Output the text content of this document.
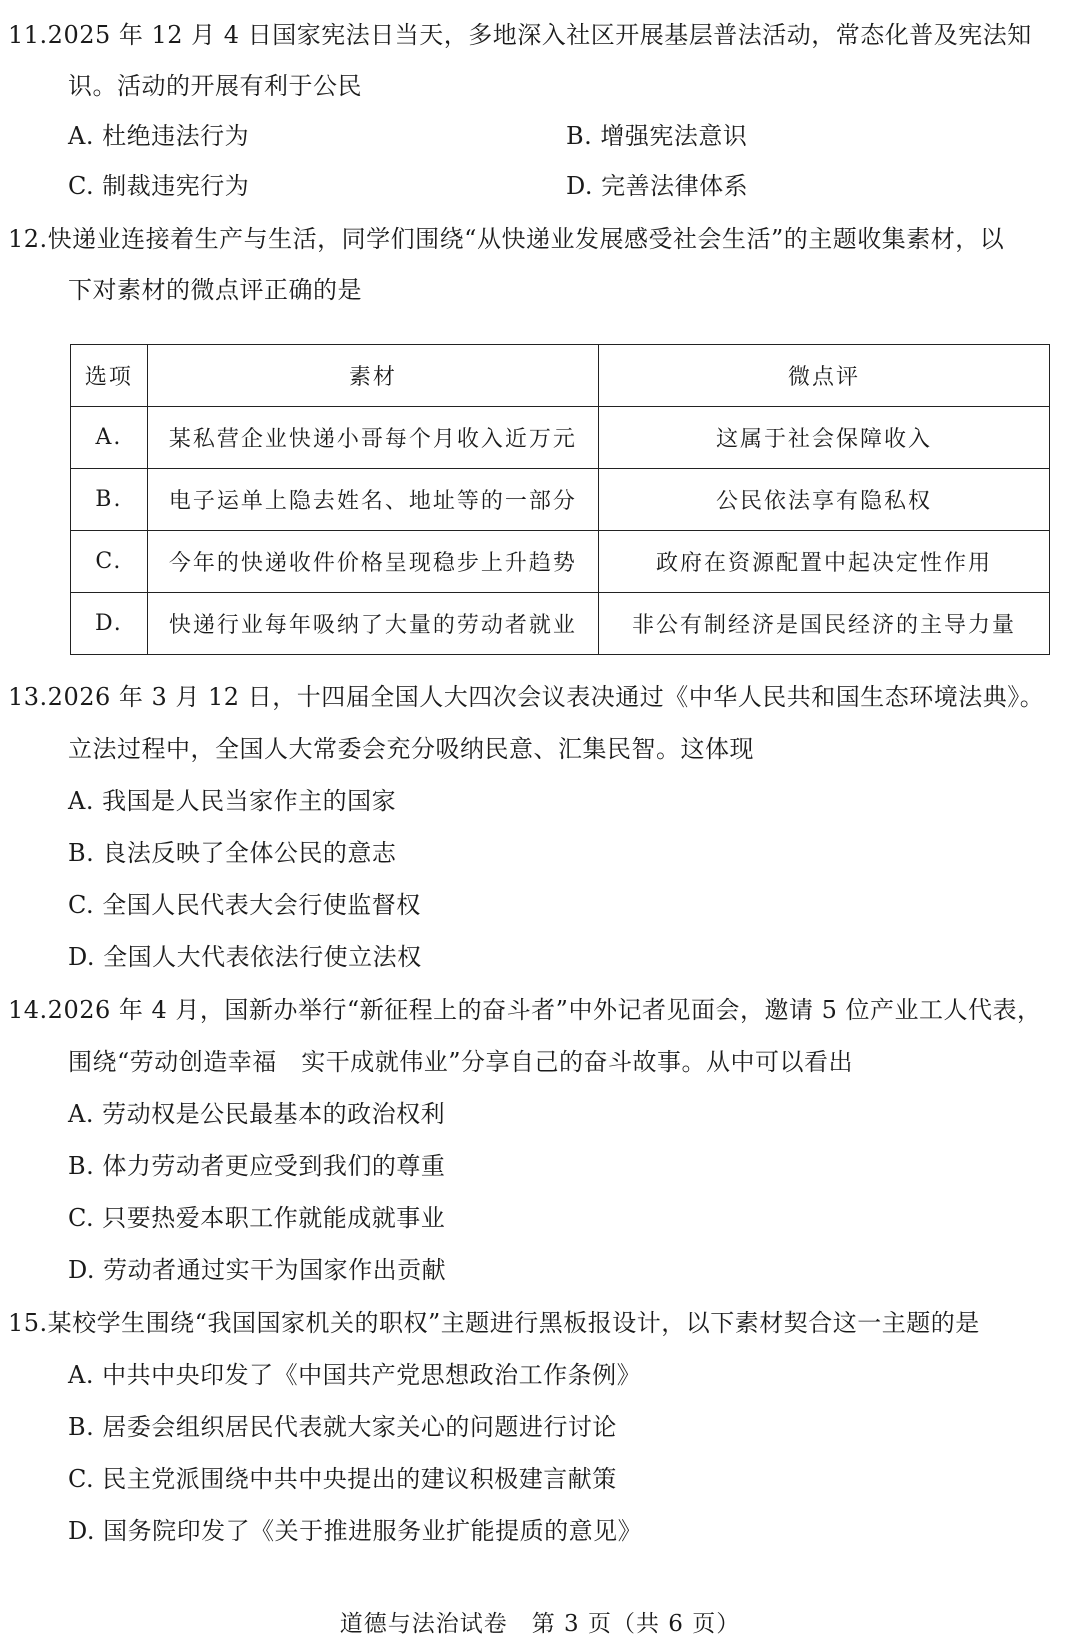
11.2025 年 12 月 4 日国家宪法日当天，多地深入社区开展基层普法活动，常态化普及宪法知
识。活动的开展有利于公民
A. 杜绝违法行为	B. 增强宪法意识
C. 制裁违宪行为	D. 完善法律体系
12.快递业连接着生产与生活，同学们围绕“从快递业发展感受社会生活”的主题收集素材，以
下对素材的微点评正确的是
选项	素材	微点评
A.	某私营企业快递小哥每个月收入近万元	这属于社会保障收入
B.	电子运单上隐去姓名、地址等的一部分	公民依法享有隐私权
C.	今年的快递收件价格呈现稳步上升趋势	政府在资源配置中起决定性作用
D.	快递行业每年吸纳了大量的劳动者就业	非公有制经济是国民经济的主导力量
13.2026 年 3 月 12 日，十四届全国人大四次会议表决通过《中华人民共和国生态环境法典》。
立法过程中，全国人大常委会充分吸纳民意、汇集民智。这体现
A. 我国是人民当家作主的国家
B. 良法反映了全体公民的意志
C. 全国人民代表大会行使监督权
D. 全国人大代表依法行使立法权
14.2026 年 4 月，国新办举行“新征程上的奋斗者”中外记者见面会，邀请 5 位产业工人代表，
围绕“劳动创造幸福　实干成就伟业”分享自己的奋斗故事。从中可以看出
A. 劳动权是公民最基本的政治权利
B. 体力劳动者更应受到我们的尊重
C. 只要热爱本职工作就能成就事业
D. 劳动者通过实干为国家作出贡献
15.某校学生围绕“我国国家机关的职权”主题进行黑板报设计，以下素材契合这一主题的是
A. 中共中央印发了《中国共产党思想政治工作条例》
B. 居委会组织居民代表就大家关心的问题进行讨论
C. 民主党派围绕中共中央提出的建议积极建言献策
D. 国务院印发了《关于推进服务业扩能提质的意见》
道德与法治试卷　第 3 页（共 6 页）
